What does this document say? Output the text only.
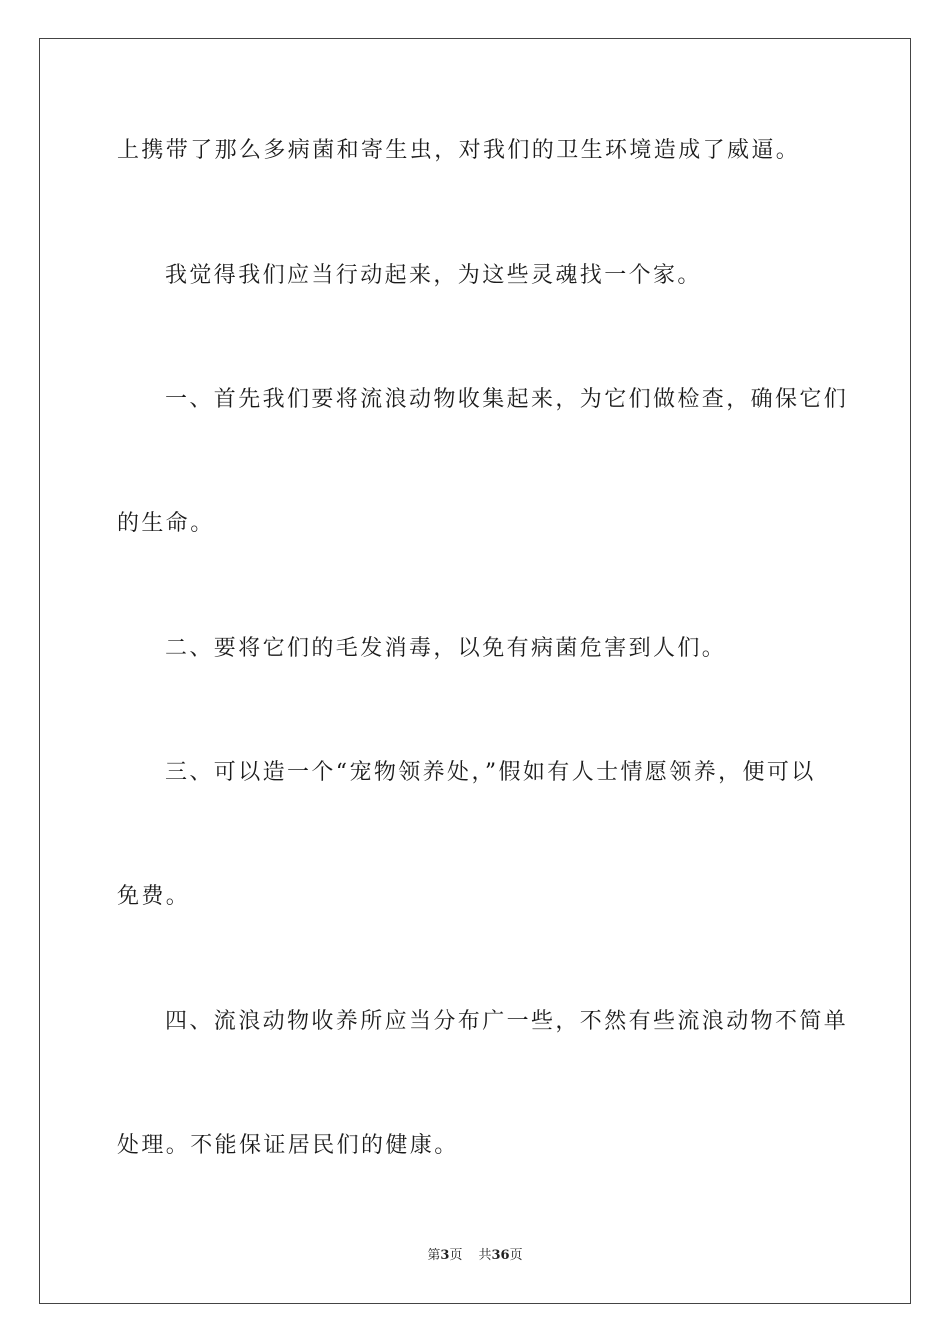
上携带了那么多病菌和寄生虫，对我们的卫生环境造成了威逼。
我觉得我们应当行动起来，为这些灵魂找一个家。
一、首先我们要将流浪动物收集起来，为它们做检查，确保它们
的生命。
二、要将它们的毛发消毒，以免有病菌危害到人们。
三、可以造一个“宠物领养处，”假如有人士情愿领养，便可以
免费。
四、流浪动物收养所应当分布广一些，不然有些流浪动物不简单
处理。不能保证居民们的健康。
第3页 共36页
